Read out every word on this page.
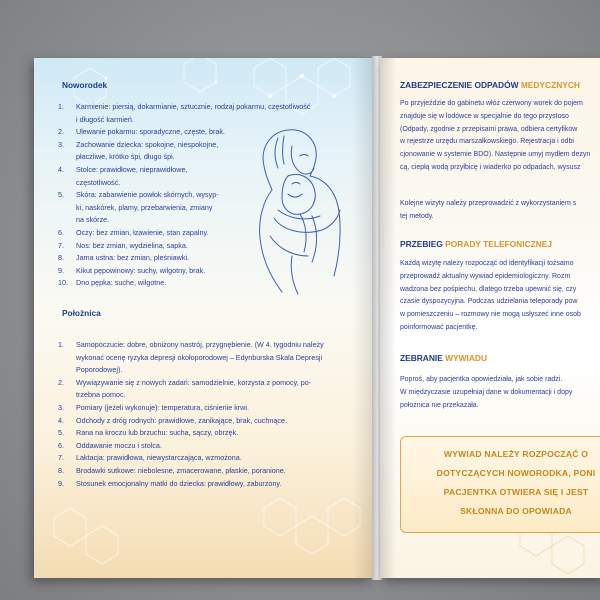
Noworodek
1. Karmienie: piersią, dokarmianie, sztucznie, rodzaj pokarmu, częstotliwość
i długość karmień.
2. Ulewanie pokarmu: sporadyczne, częste, brak.
3. Zachowanie dziecka: spokojne, niespokojne,
płaczliwe, krótko śpi, długo śpi.
4. Stolce: prawidłowe, nieprawidłowe,
częstotliwość.
5. Skóra: zabarwienie powłok skórnych, wysyp-
ki, naskórek, plamy, przebarwienia, zmiany
na skórze.
6. Oczy: bez zmian, łzawienie, stan zapalny.
7. Nos: bez zmian, wydzielina, sapka.
8. Jama ustna: bez zmian, pleśniawki.
9. Kikut pępowinowy: suchy, wilgotny, brak.
10. Dno pępka: suche, wilgotne.
Położnica
1. Samopoczucie: dobre, obniżony nastrój, przygnębienie. (W 4. tygodniu należy
wykonać ocenę ryzyka depresji okołoporodowej – Edynburska Skala Depresji
Poporodowej).
2. Wywiązywanie się z nowych zadań: samodzielnie, korzysta z pomocy, po-
trzebna pomoc.
3. Pomiary (jeżeli wykonuje): temperatura, ciśnienie krwi.
4. Odchody z dróg rodnych: prawidłowe, zanikające, brak, cuchnące.
5. Rana na kroczu lub brzuchu: sucha, sączy, obrzęk.
6. Oddawanie moczu i stolca.
7. Laktacja: prawidłowa, niewystarczająca, wzmożona.
8. Brodawki sutkowe: niebolesne, zmacerowane, płaskie, poranione.
9. Stosunek emocjonalny matki do dziecka: prawidłowy, zaburzony.
ZABEZPIECZENIE ODPADÓW MEDYCZNYCH
Po przyjeździe do gabinetu włóż czerwony worek do pojem
znajduje się w lodówce w specjalnie do tego przystoso
(Odpady, zgodnie z przepisami prawa, odbiera certyfikow
w rejestrze urzędu marszałkowskiego. Rejestracja i odbi
cjonowanie w systemie BDO). Następnie umyj mydłem dezyn
cą, ciepłą wodą przyłbicę i wiaderko po odpadach, wysusz
Kolejne wizyty należy przeprowadzić z wykorzystaniem s
tej metody.
PRZEBIEG PORADY TELEFONICZNEJ
Każdą wizytę należy rozpocząć od identyfikacji tożsamo
przeprowadź aktualny wywiad epidemiologiczny. Rozm
wadzona bez pośpiechu, dlatego trzeba upewnić się, czy
czasie dyspozycyjna. Podczas udzielania teleporady pow
w pomieszczeniu – rozmowy nie mogą usłyszeć inne osob
poinformować pacjentkę.
ZEBRANIE WYWIADU
Poproś, aby pacjentka opowiedziała, jak sobie radzi.
W międzyczasie uzupełniaj dane w dokumentacji i dopy
położnica nie przekazała.
WYWIAD NALEŻY ROZPOCZĄĆ O
DOTYCZĄCYCH NOWORODKA, PONI
PACJENTKA OTWIERA SIĘ I JEST
SKŁONNA DO OPOWIADA
